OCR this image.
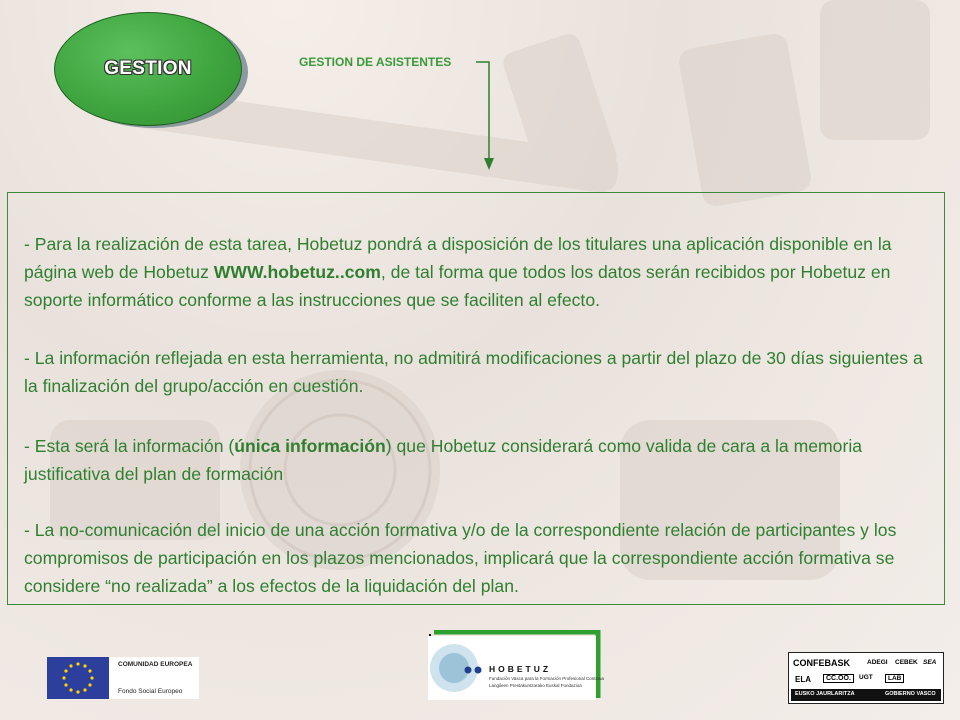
GESTION	GESTION DE ASISTENTES

- Para la realización de esta tarea, Hobetuz pondrá a disposición de los titulares una aplicación disponible en la página web de Hobetuz WWW.hobetuz..com, de tal forma que todos los datos serán recibidos por Hobetuz en soporte informático conforme a las instrucciones que se faciliten al efecto.

- La información reflejada en esta herramienta, no admitirá modificaciones a partir del plazo de 30 días siguientes a la finalización del grupo/acción en cuestión.

- Esta será la información (única información) que Hobetuz considerará como valida de cara a la memoria justificativa del plan de formación

- La no-comunicación del inicio de una acción formativa y/o de la correspondiente relación de participantes y los compromisos de participación en los plazos mencionados, implicará que la correspondiente acción formativa se considere “no realizada” a los efectos de la liquidación del plan.

COMUNIDAD EUROPEA
Fondo Social Europeo
HOBETUZ
Fundación Vasca para la Formación Profesional Continua
Langileen Prestakuntzarako Euskal Fundazioa
CONFEBASK	ADEGI CEBEK SEA
ELA	CC.OO.	UGT	LAB
EUSKO JAURLARITZA	GOBIERNO VASCO
